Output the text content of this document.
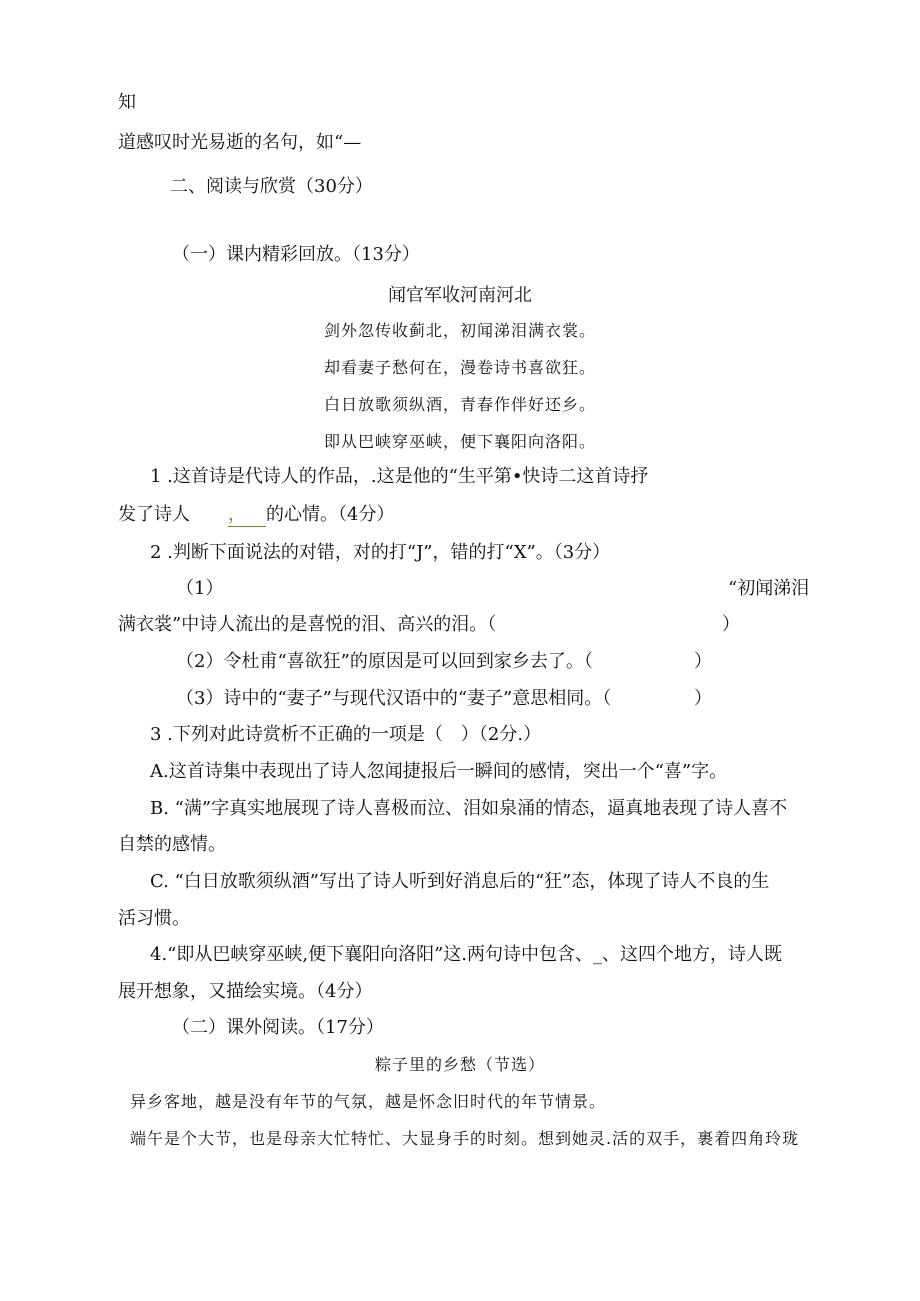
知
道感叹时光易逝的名句，如“—
二、阅读与欣赏（30分）
（一）课内精彩回放。（13分）
闻官军收河南河北
剑外忽传收蓟北，初闻涕泪满衣裳。
却看妻子愁何在，漫卷诗书喜欲狂。
白日放歌须纵酒，青春作伴好还乡。
即从巴峡穿巫峡，便下襄阳向洛阳。
1 .这首诗是代诗人的作品，.这是他的“生平第•快诗二这首诗抒
发了诗人 ， 的心情。（4分）
2 .判断下面说法的对错，对的打“J”，错的打“X”。（3分）
（1）	“初闻涕泪
满衣裳”中诗人流出的是喜悦的泪、高兴的泪。（	）
（2）令杜甫“喜欲狂”的原因是可以回到家乡去了。（	）
（3）诗中的“妻子”与现代汉语中的“妻子”意思相同。（	）
3 .下列对此诗赏析不正确的一项是（　）（2分.）
A.这首诗集中表现出了诗人忽闻捷报后一瞬间的感情，突出一个“喜”字。
B. “满”字真实地展现了诗人喜极而泣、泪如泉涌的情态，逼真地表现了诗人喜不
自禁的感情。
C. “白日放歌须纵酒”写出了诗人听到好消息后的“狂”态，体现了诗人不良的生
活习惯。
4.“即从巴峡穿巫峡,便下襄阳向洛阳”这.两句诗中包含、_、这四个地方，诗人既
展开想象，又描绘实境。（4分）
（二）课外阅读。（17分）
粽子里的乡愁（节选）
异乡客地，越是没有年节的气氛，越是怀念旧时代的年节情景。
端午是个大节，也是母亲大忙特忙、大显身手的时刻。想到她灵.活的双手，裹着四角玲珑
